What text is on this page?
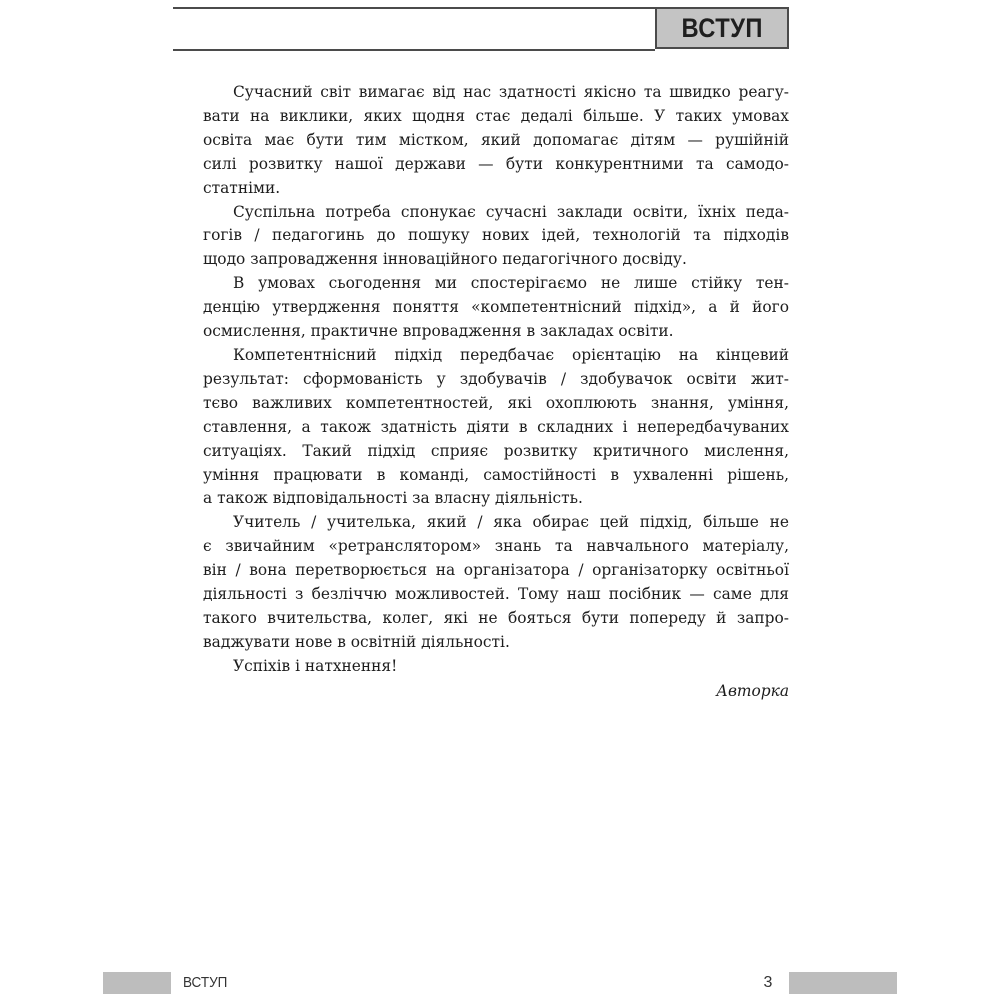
ВСТУП

Сучасний світ вимагає від нас здатності якісно та швидко реагу-
вати на виклики, яких щодня стає дедалі більше. У таких умовах
освіта має бути тим містком, який допомагає дітям — рушійній
силі розвитку нашої держави — бути конкурентними та самодо-
статніми.

Суспільна потреба спонукає сучасні заклади освіти, їхніх педа-
гогів / педагогинь до пошуку нових ідей, технологій та підходів
щодо запровадження інноваційного педагогічного досвіду.

В умовах сьогодення ми спостерігаємо не лише стійку тен-
денцію утвердження поняття «компетентнісний підхід», а й його
осмислення, практичне впровадження в закладах освіти.

Компетентнісний підхід передбачає орієнтацію на кінцевий
результат: сформованість у здобувачів / здобувачок освіти жит-
тєво важливих компетентностей, які охоплюють знання, уміння,
ставлення, а також здатність діяти в складних і непередбачуваних
ситуаціях. Такий підхід сприяє розвитку критичного мислення,
уміння працювати в команді, самостійності в ухваленні рішень,
а також відповідальності за власну діяльність.

Учитель / учителька, який / яка обирає цей підхід, більше не
є звичайним «ретранслятором» знань та навчального матеріалу,
він / вона перетворюється на організатора / організаторку освітньої
діяльності з безліччю можливостей. Тому наш посібник — саме для
такого вчительства, колег, які не бояться бути попереду й запро-
ваджувати нове в освітній діяльності.

Успіхів і натхнення!

Авторка
ВСТУП	3
